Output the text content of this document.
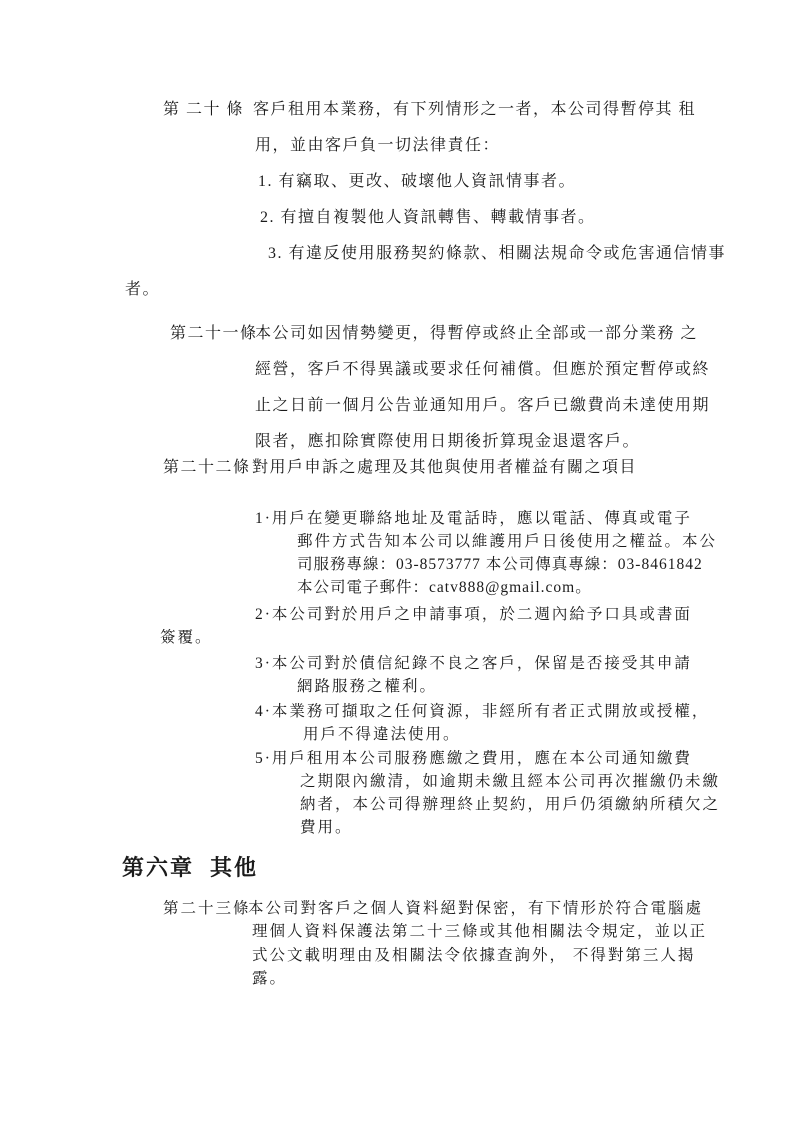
第 二十 條 客戶租用本業務，有下列情形之一者，本公司得暫停其 租
用，並由客戶負一切法律責任：
1. 有竊取、更改、破壞他人資訊情事者。
2. 有擅自複製他人資訊轉售、轉載情事者。
3. 有違反使用服務契約條款、相關法規命令或危害通信情事
者。
第二十一條
本公司如因情勢變更，得暫停或終止全部或一部分業務 之
經營，客戶不得異議或要求任何補償。但應於預定暫停或終
止之日前一個月公告並通知用戶。客戶已繳費尚未達使用期
限者，應扣除實際使用日期後折算現金退還客戶。
第二十二條 對用戶申訴之處理及其他與使用者權益有關之項目
1·用戶在變更聯絡地址及電話時，應以電話、傳真或電子
郵件方式告知本公司以維護用戶日後使用之權益。本公
司服務專線：03-8573777 本公司傳真專線：03-8461842
本公司電子郵件：catv888@gmail.com。
2·本公司對於用戶之申請事項，於二週內給予口具或書面
簽覆。
3·本公司對於債信紀錄不良之客戶，保留是否接受其申請
網路服務之權利。
4·本業務可擷取之任何資源，非經所有者正式開放或授權，
用戶不得違法使用。
5·用戶租用本公司服務應繳之費用，應在本公司通知繳費
之期限內繳清，如逾期未繳且經本公司再次摧繳仍未繳
納者，本公司得辦理終止契約，用戶仍須繳納所積欠之
費用。
第六章 其他
第二十三條
本公司對客戶之個人資料絕對保密，有下情形於符合電腦處
理個人資料保護法第二十三條或其他相關法令規定，並以正
式公文載明理由及相關法令依據查詢外， 不得對第三人揭
露。
